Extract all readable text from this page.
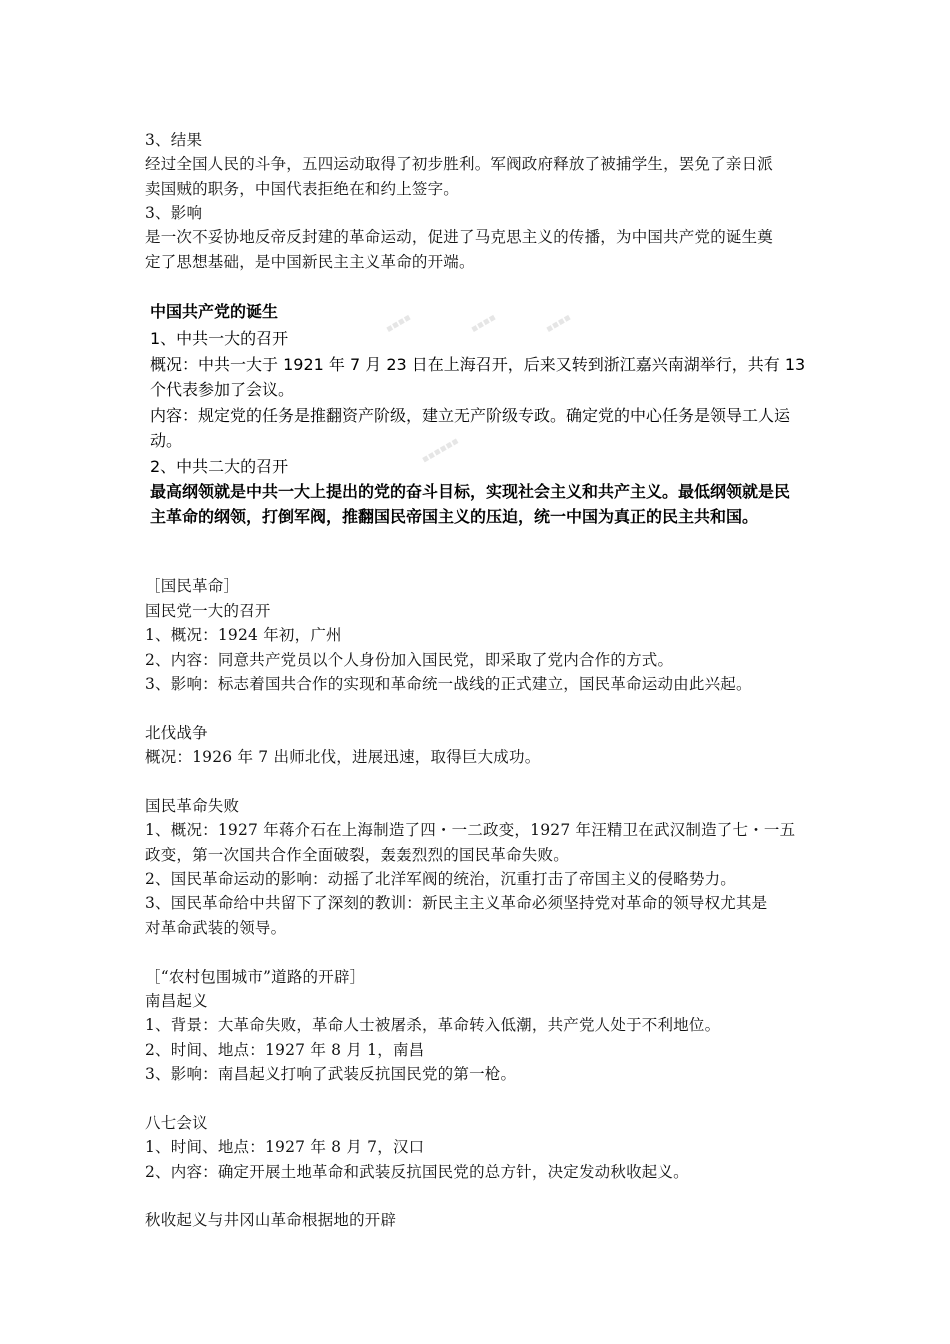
3、结果
经过全国人民的斗争，五四运动取得了初步胜利。军阀政府释放了被捕学生，罢免了亲日派
卖国贼的职务，中国代表拒绝在和约上签字。
3、影响
是一次不妥协地反帝反封建的革命运动，促进了马克思主义的传播，为中国共产党的诞生奠
定了思想基础，是中国新民主主义革命的开端。
中国共产党的诞生
1、中共一大的召开
概况：中共一大于 1921 年 7 月 23 日在上海召开，后来又转到浙江嘉兴南湖举行，共有 13
个代表参加了会议。
内容：规定党的任务是推翻资产阶级，建立无产阶级专政。确定党的中心任务是领导工人运
动。
2、中共二大的召开
最高纲领就是中共一大上提出的党的奋斗目标，实现社会主义和共产主义。最低纲领就是民
主革命的纲领，打倒军阀，推翻国民帝国主义的压迫，统一中国为真正的民主共和国。
▪▪▪▪	▪▪▪▪	▪▪▪▪
▪▪▪▪▪▪
［国民革命］
国民党一大的召开
1、概况：1924 年初，广州
2、内容：同意共产党员以个人身份加入国民党，即采取了党内合作的方式。
3、影响：标志着国共合作的实现和革命统一战线的正式建立，国民革命运动由此兴起。
北伐战争
概况：1926 年 7 出师北伐，进展迅速，取得巨大成功。
国民革命失败
1、概况：1927 年蒋介石在上海制造了四・一二政变，1927 年汪精卫在武汉制造了七・一五
政变，第一次国共合作全面破裂，轰轰烈烈的国民革命失败。
2、国民革命运动的影响：动摇了北洋军阀的统治，沉重打击了帝国主义的侵略势力。
3、国民革命给中共留下了深刻的教训：新民主主义革命必须坚持党对革命的领导权尤其是
对革命武装的领导。
［“农村包围城市”道路的开辟］
南昌起义
1、背景：大革命失败，革命人士被屠杀，革命转入低潮，共产党人处于不利地位。
2、时间、地点：1927 年 8 月 1，南昌
3、影响：南昌起义打响了武装反抗国民党的第一枪。
八七会议
1、时间、地点：1927 年 8 月 7，汉口
2、内容：确定开展土地革命和武装反抗国民党的总方针，决定发动秋收起义。
秋收起义与井冈山革命根据地的开辟
